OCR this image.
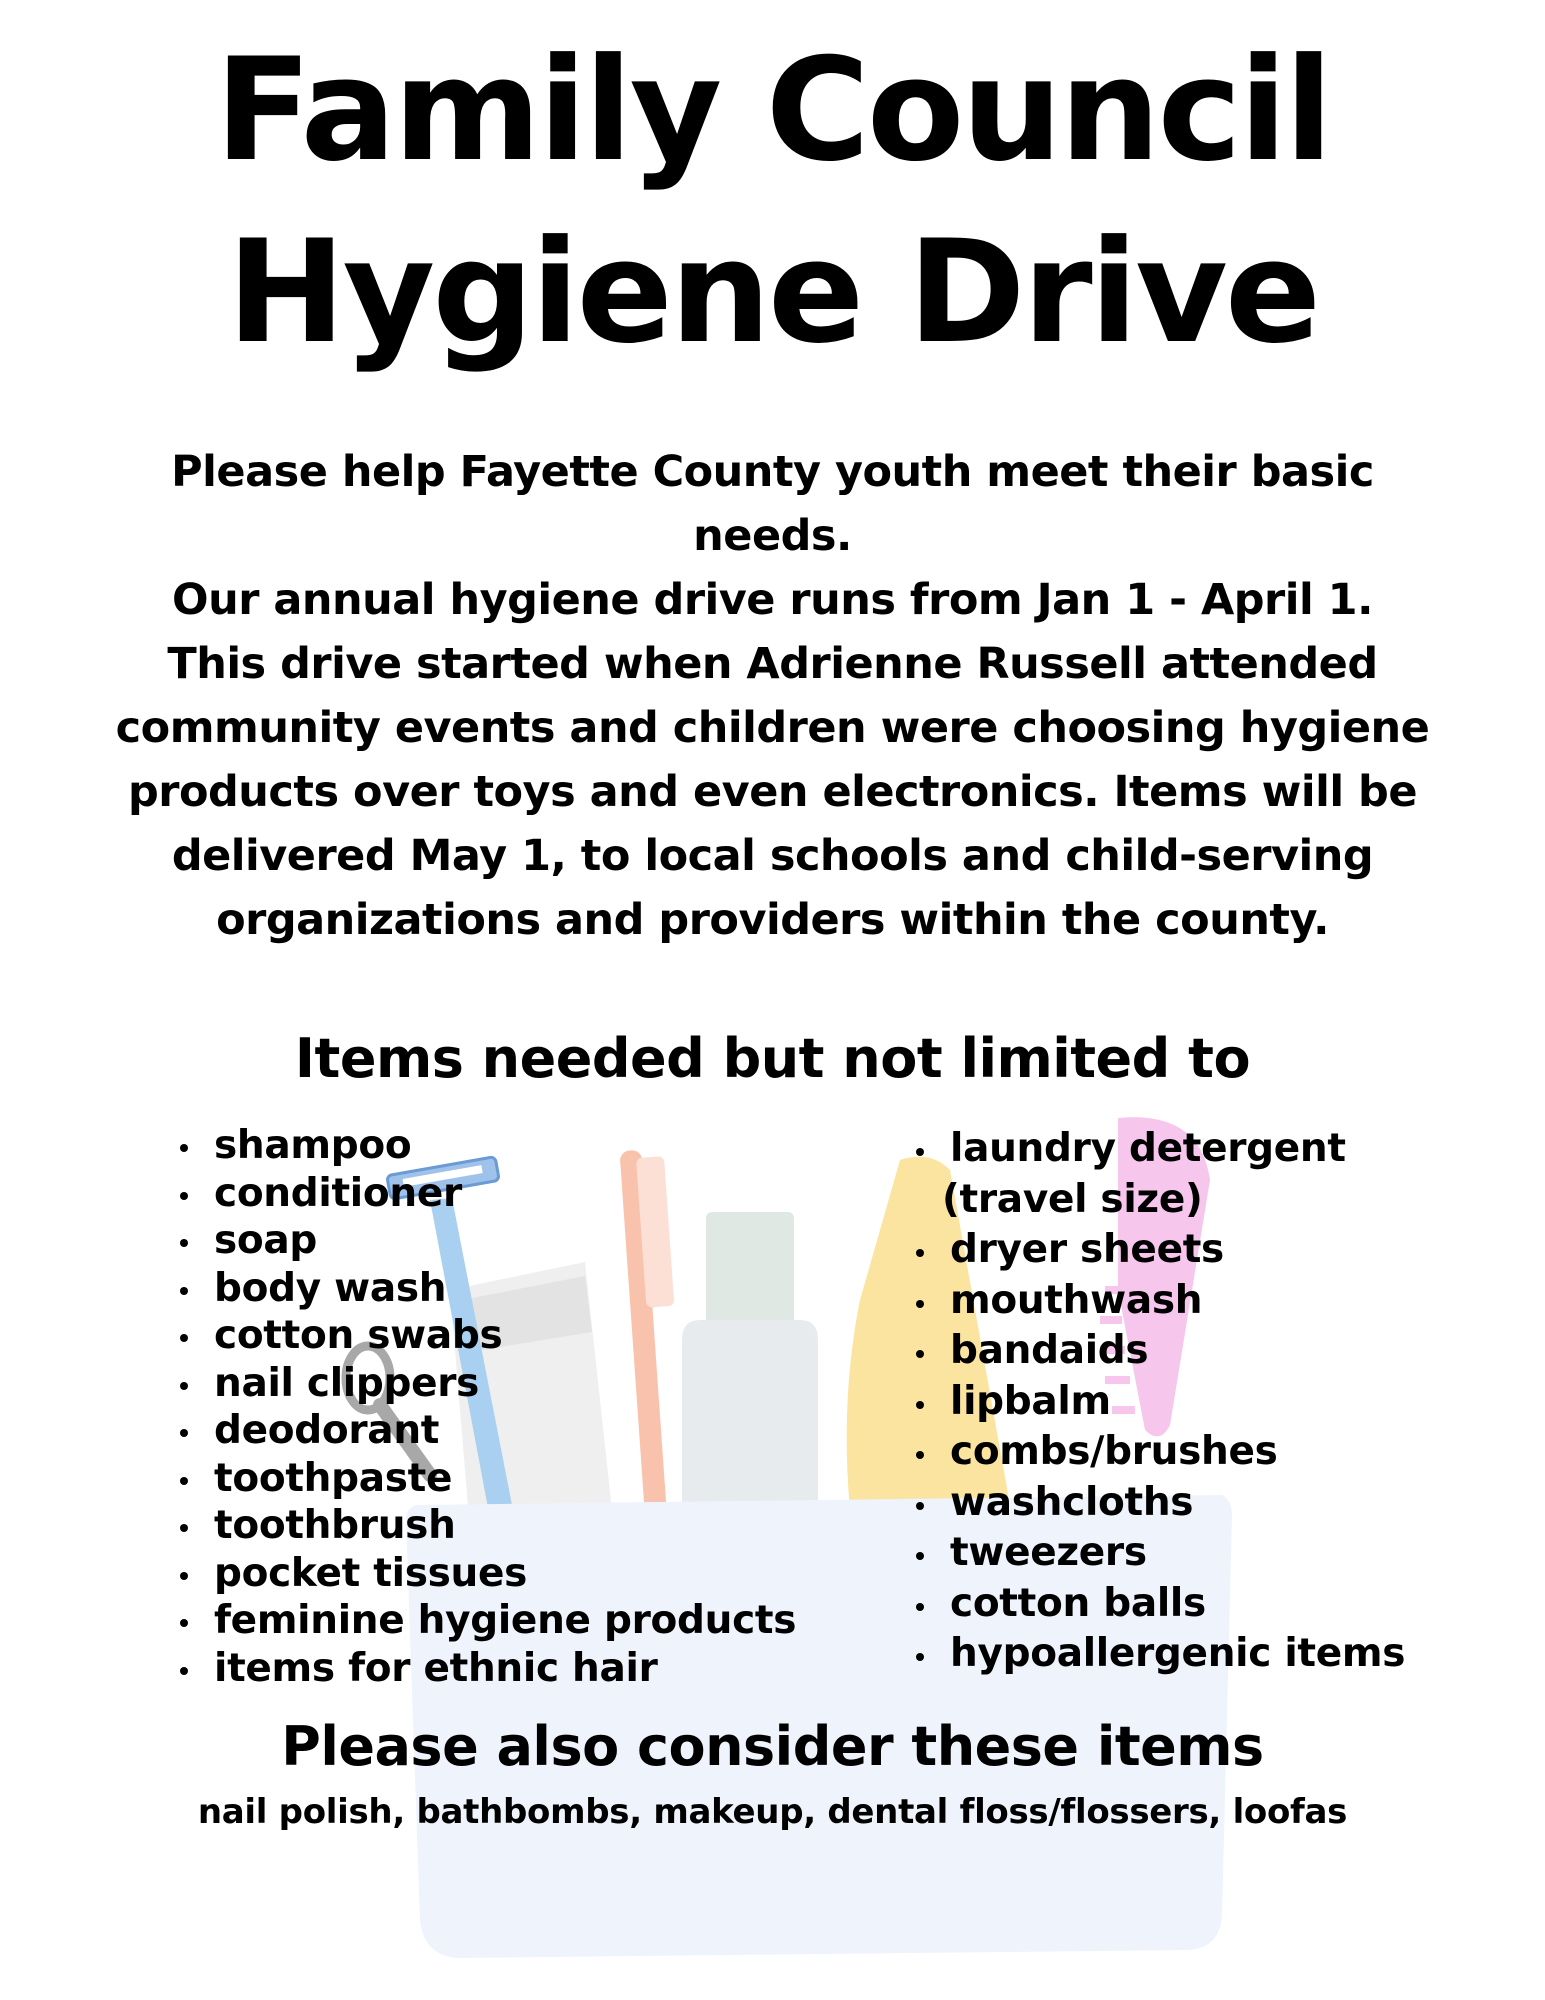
Family Council
Hygiene Drive
Please help Fayette County youth meet their basic
needs.
Our annual hygiene drive runs from Jan 1 - April 1.
This drive started when Adrienne Russell attended
community events and children were choosing hygiene
products over toys and even electronics. Items will be
delivered May 1, to local schools and child-serving
organizations and providers within the county.
Items needed but not limited to
shampoo
conditioner
soap
body wash
cotton swabs
nail clippers
deodorant
toothpaste
toothbrush
pocket tissues
feminine hygiene products
items for ethnic hair
laundry detergent
(travel size)
dryer sheets
mouthwash
bandaids
lipbalm
combs/brushes
washcloths
tweezers
cotton balls
hypoallergenic items
Please also consider these items
nail polish, bathbombs, makeup, dental floss/flossers, loofas
